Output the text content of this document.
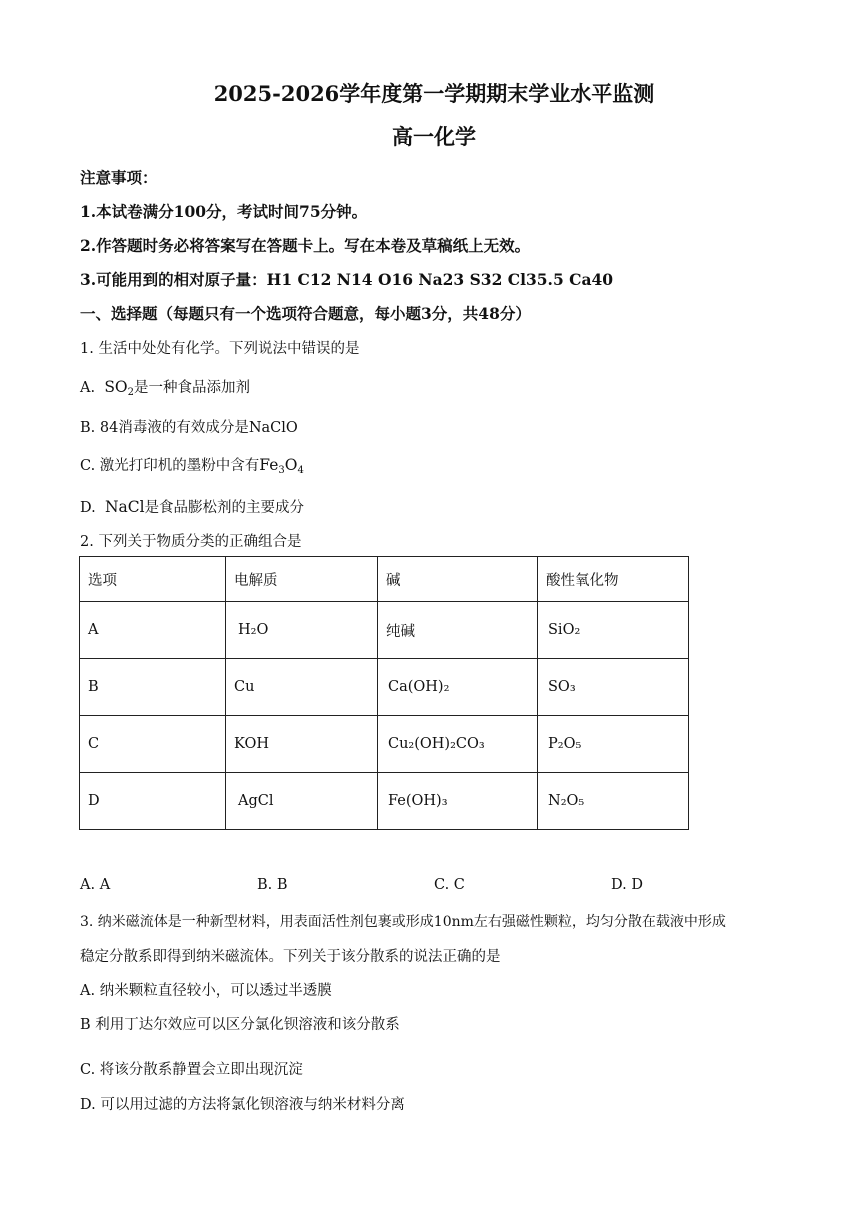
2025-2026学年度第一学期期末学业水平监测
高一化学
注意事项：
1.本试卷满分100分，考试时间75分钟。
2.作答题时务必将答案写在答题卡上。写在本卷及草稿纸上无效。
3.可能用到的相对原子量：H1 C12 N14 O16 Na23 S32 Cl35.5 Ca40
一、选择题（每题只有一个选项符合题意，每小题3分，共48分）
1. 生活中处处有化学。下列说法中错误的是
A. $SO_2$是一种食品添加剂
B. 84消毒液的有效成分是NaClO
C. 激光打印机的墨粉中含有$Fe_3O_4$
D. NaCl是食品膨松剂的主要成分
2. 下列关于物质分类的正确组合是
选项	电解质	碱	酸性氧化物
A	H₂O	纯碱	SiO₂
B	Cu	Ca(OH)₂	SO₃
C	KOH	Cu₂(OH)₂CO₃	P₂O₅
D	AgCl	Fe(OH)₃	N₂O₅
A. A	B. B	C. C	D. D
3. 纳米磁流体是一种新型材料，用表面活性剂包裹或形成10nm左右强磁性颗粒，均匀分散在载液中形成
稳定分散系即得到纳米磁流体。下列关于该分散系的说法正确的是
A. 纳米颗粒直径较小，可以透过半透膜
B 利用丁达尔效应可以区分氯化钡溶液和该分散系
C. 将该分散系静置会立即出现沉淀
D. 可以用过滤的方法将氯化钡溶液与纳米材料分离
